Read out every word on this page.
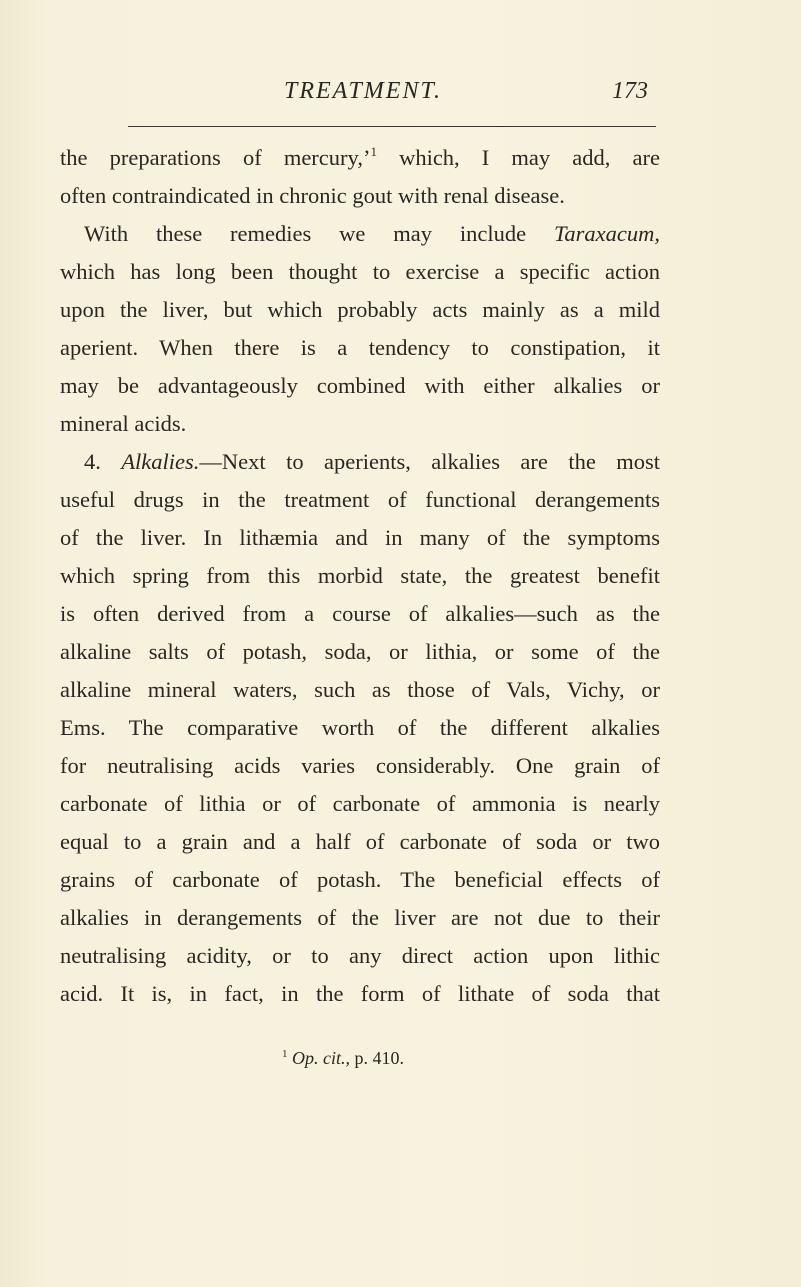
TREATMENT.	173
the preparations of mercury,’$^1$ which, I may add, are
often contraindicated in chronic gout with renal disease.
With these remedies we may include Taraxacum,
which has long been thought to exercise a specific action
upon the liver, but which probably acts mainly as a mild
aperient. When there is a tendency to constipation, it
may be advantageously combined with either alkalies or
mineral acids.
4. Alkalies.—Next to aperients, alkalies are the most
useful drugs in the treatment of functional derangements
of the liver. In lithæmia and in many of the symptoms
which spring from this morbid state, the greatest benefit
is often derived from a course of alkalies—such as the
alkaline salts of potash, soda, or lithia, or some of the
alkaline mineral waters, such as those of Vals, Vichy, or
Ems. The comparative worth of the different alkalies
for neutralising acids varies considerably. One grain of
carbonate of lithia or of carbonate of ammonia is nearly
equal to a grain and a half of carbonate of soda or two
grains of carbonate of potash. The beneficial effects of
alkalies in derangements of the liver are not due to their
neutralising acidity, or to any direct action upon lithic
acid. It is, in fact, in the form of lithate of soda that
$^1$ Op. cit., p. 410.
